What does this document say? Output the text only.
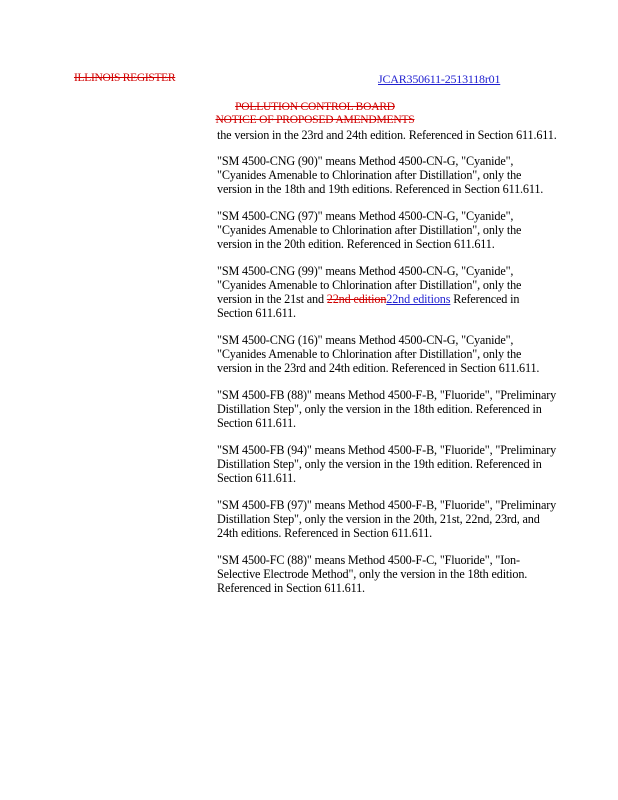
ILLINOIS REGISTER	JCAR350611-2513118r01
POLLUTION CONTROL BOARD
NOTICE OF PROPOSED AMENDMENTS

the version in the 23rd and 24th edition. Referenced in Section 611.611.

"SM 4500-CNG (90)" means Method 4500-CN-G, "Cyanide", "Cyanides Amenable to Chlorination after Distillation", only the version in the 18th and 19th editions. Referenced in Section 611.611.

"SM 4500-CNG (97)" means Method 4500-CN-G, "Cyanide", "Cyanides Amenable to Chlorination after Distillation", only the version in the 20th edition. Referenced in Section 611.611.

"SM 4500-CNG (99)" means Method 4500-CN-G, "Cyanide", "Cyanides Amenable to Chlorination after Distillation", only the version in the 21st and 22nd edition22nd editions Referenced in Section 611.611.

"SM 4500-CNG (16)" means Method 4500-CN-G, "Cyanide", "Cyanides Amenable to Chlorination after Distillation", only the version in the 23rd and 24th edition. Referenced in Section 611.611.

"SM 4500-FB (88)" means Method 4500-F-B, "Fluoride", "Preliminary Distillation Step", only the version in the 18th edition. Referenced in Section 611.611.

"SM 4500-FB (94)" means Method 4500-F-B, "Fluoride", "Preliminary Distillation Step", only the version in the 19th edition. Referenced in Section 611.611.

"SM 4500-FB (97)" means Method 4500-F-B, "Fluoride", "Preliminary Distillation Step", only the version in the 20th, 21st, 22nd, 23rd, and 24th editions. Referenced in Section 611.611.

"SM 4500-FC (88)" means Method 4500-F-C, "Fluoride", "Ion-Selective Electrode Method", only the version in the 18th edition. Referenced in Section 611.611.
